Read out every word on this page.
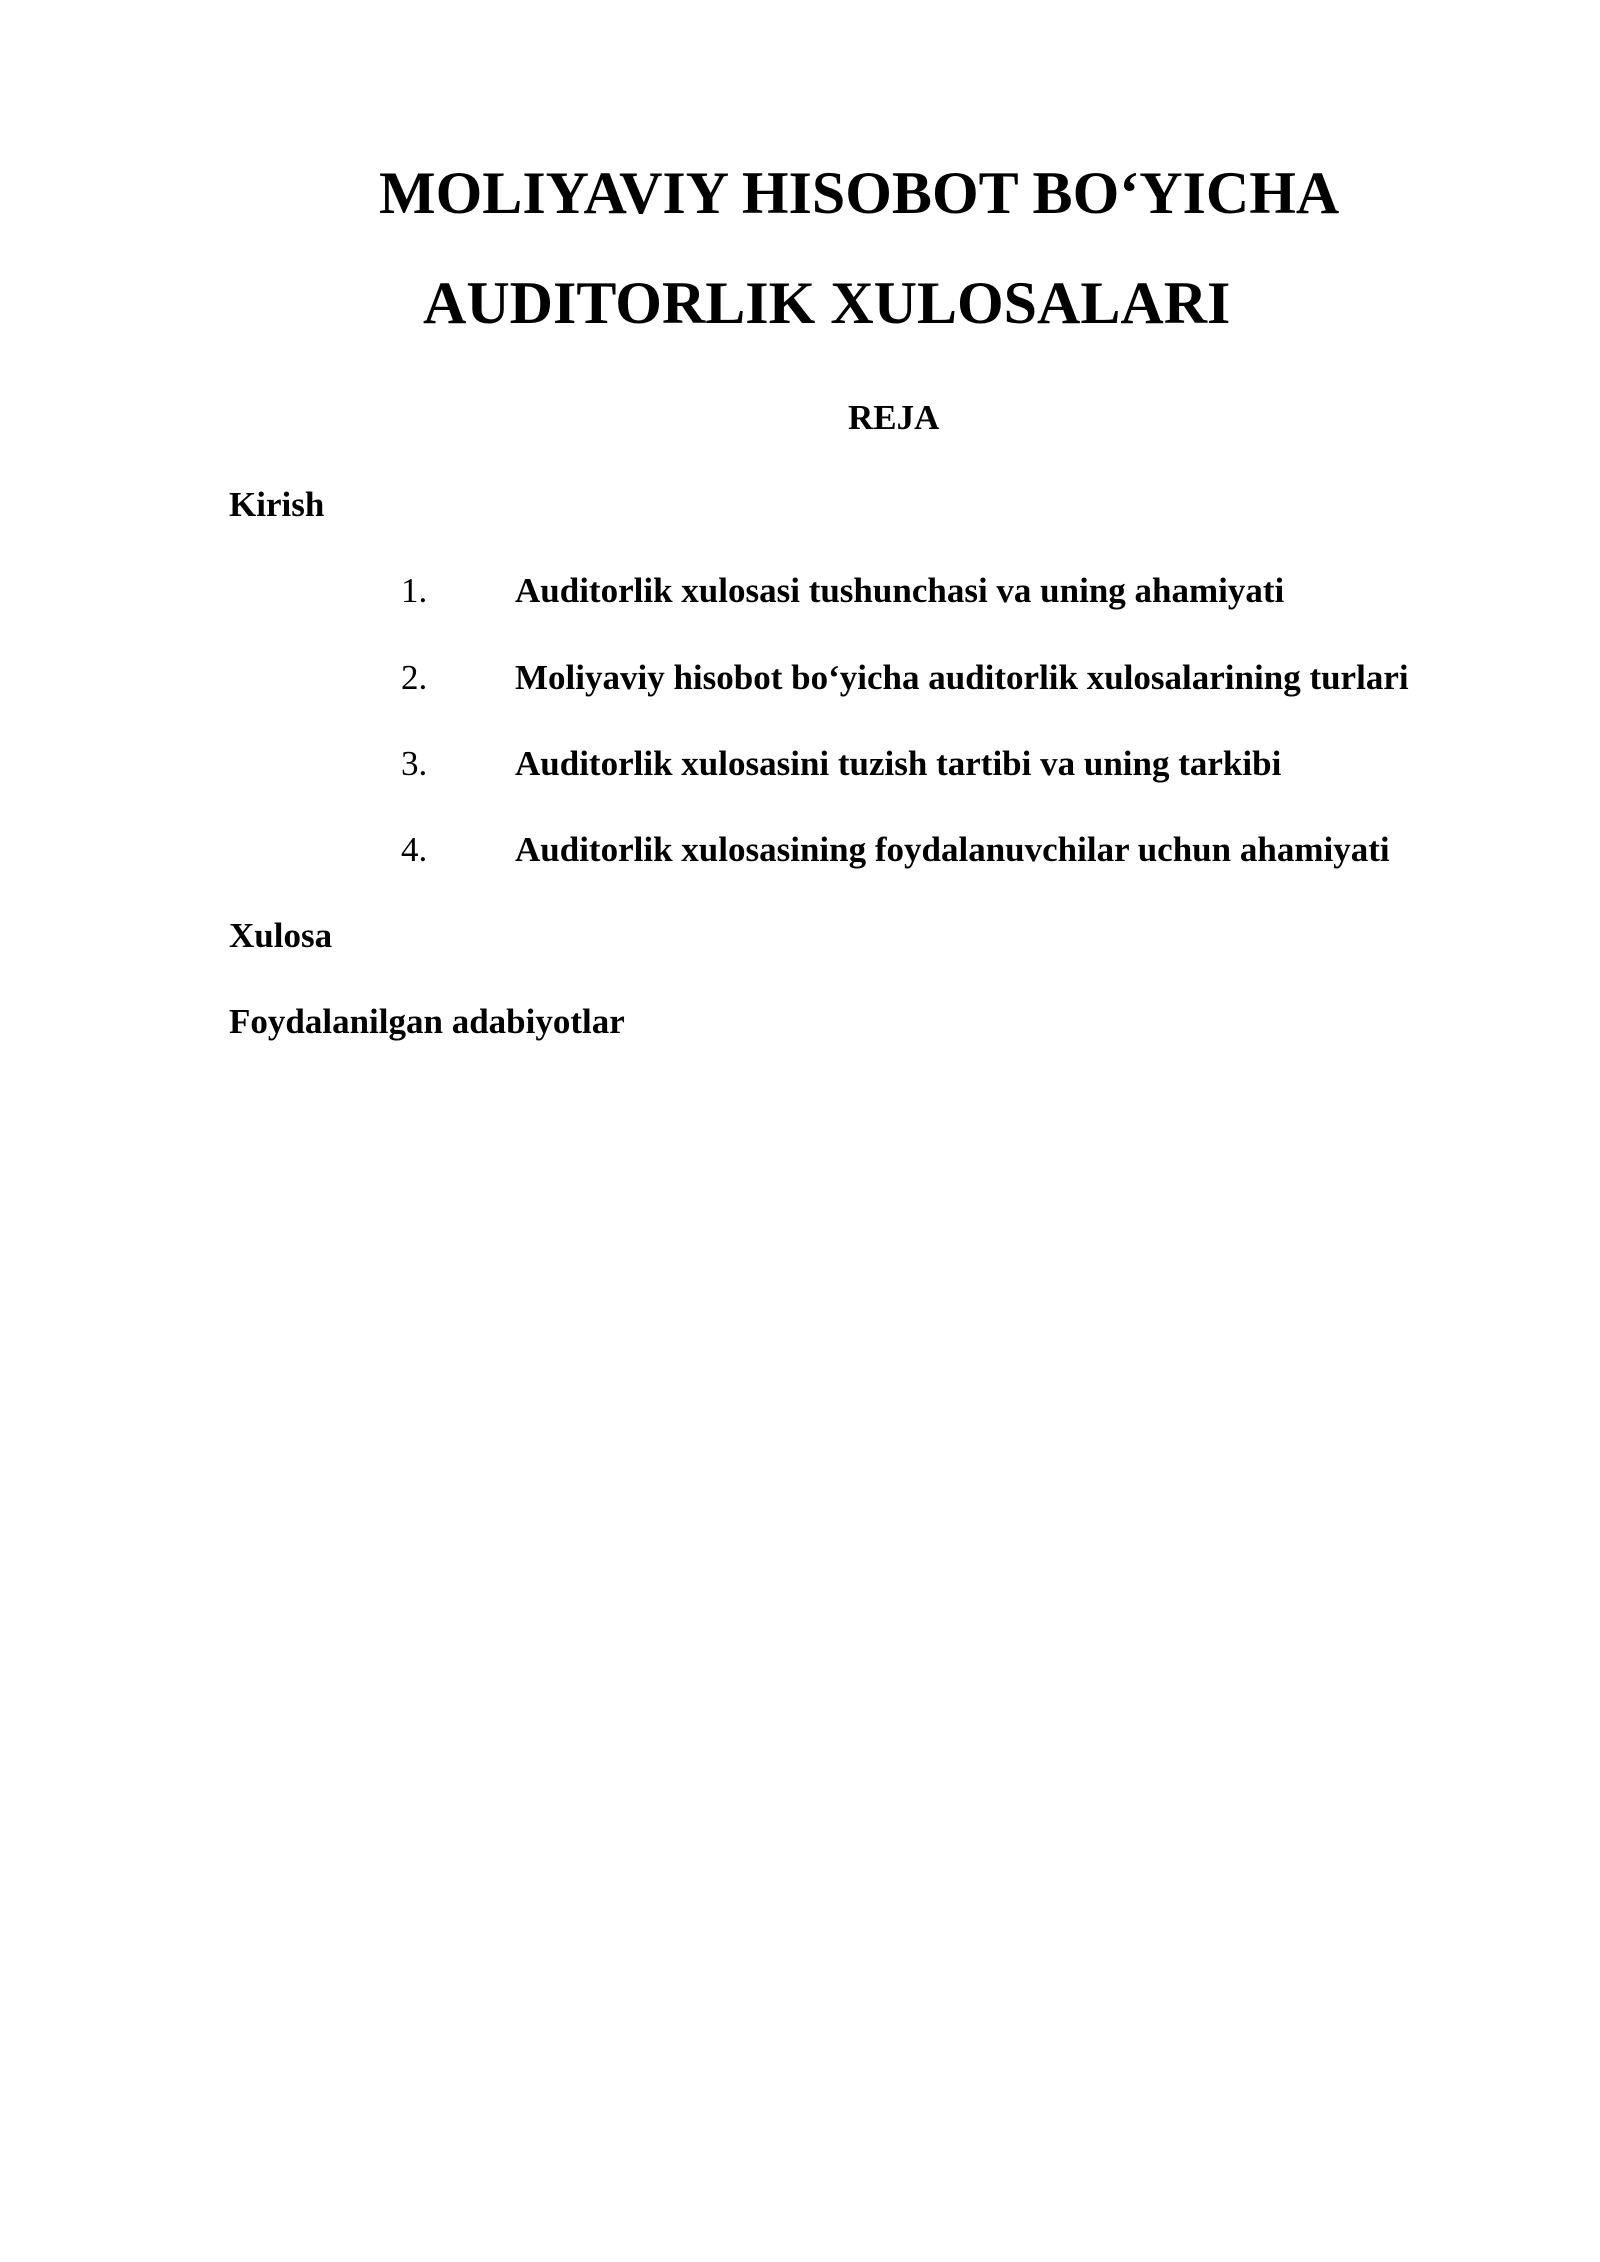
MOLIYAVIY HISOBOT BO‘YICHA
AUDITORLIK XULOSALARI
REJA
Kirish
1.	Auditorlik xulosasi tushunchasi va uning ahamiyati
2.	Moliyaviy hisobot bo‘yicha auditorlik xulosalarining turlari
3.	Auditorlik xulosasini tuzish tartibi va uning tarkibi
4.	Auditorlik xulosasining foydalanuvchilar uchun ahamiyati
Xulosa
Foydalanilgan adabiyotlar
